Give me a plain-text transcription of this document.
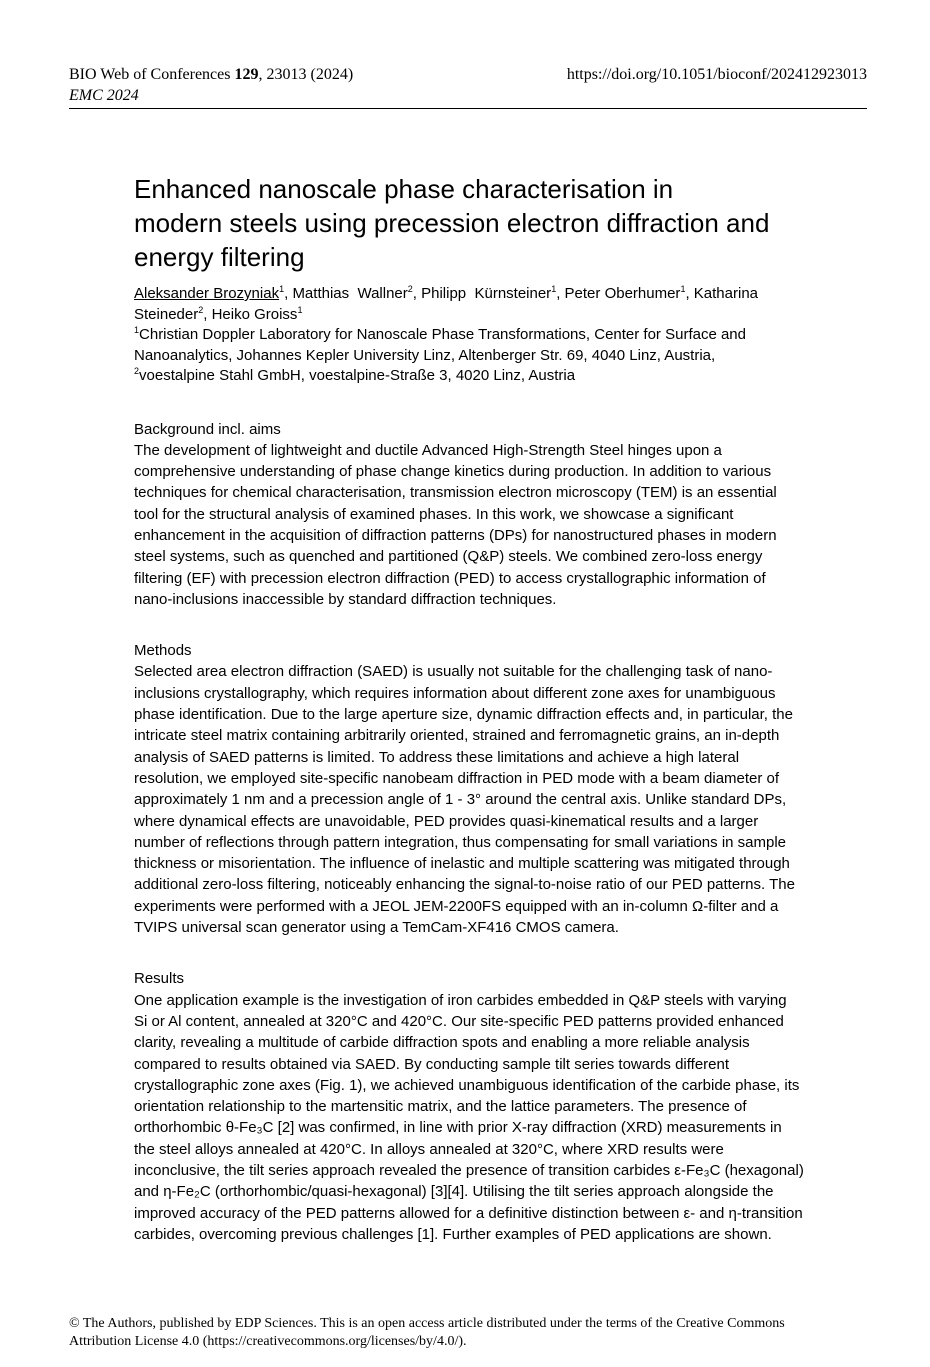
BIO Web of Conferences 129, 23013 (2024)	https://doi.org/10.1051/bioconf/202412923013
EMC 2024
Enhanced nanoscale phase characterisation in
modern steels using precession electron diffraction and
energy filtering
Aleksander Brozyniak$^1$, Matthias  Wallner$^2$, Philipp  Kürnsteiner$^1$, Peter Oberhumer$^1$, Katharina Steineder$^2$, Heiko Groiss$^1$
$^1$Christian Doppler Laboratory for Nanoscale Phase Transformations, Center for Surface and Nanoanalytics, Johannes Kepler University Linz, Altenberger Str. 69, 4040 Linz, Austria,
$^2$voestalpine Stahl GmbH, voestalpine-Straße 3, 4020 Linz, Austria
Background incl. aims
The development of lightweight and ductile Advanced High-Strength Steel hinges upon a comprehensive understanding of phase change kinetics during production. In addition to various techniques for chemical characterisation, transmission electron microscopy (TEM) is an essential tool for the structural analysis of examined phases. In this work, we showcase a significant enhancement in the acquisition of diffraction patterns (DPs) for nanostructured phases in modern steel systems, such as quenched and partitioned (Q&P) steels. We combined zero-loss energy filtering (EF) with precession electron diffraction (PED) to access crystallographic information of nano-inclusions inaccessible by standard diffraction techniques.
Methods
Selected area electron diffraction (SAED) is usually not suitable for the challenging task of nano-inclusions crystallography, which requires information about different zone axes for unambiguous phase identification. Due to the large aperture size, dynamic diffraction effects and, in particular, the intricate steel matrix containing arbitrarily oriented, strained and ferromagnetic grains, an in-depth analysis of SAED patterns is limited. To address these limitations and achieve a high lateral resolution, we employed site-specific nanobeam diffraction in PED mode with a beam diameter of approximately 1 nm and a precession angle of 1 - 3° around the central axis. Unlike standard DPs, where dynamical effects are unavoidable, PED provides quasi-kinematical results and a larger number of reflections through pattern integration, thus compensating for small variations in sample thickness or misorientation. The influence of inelastic and multiple scattering was mitigated through additional zero-loss filtering, noticeably enhancing the signal-to-noise ratio of our PED patterns. The experiments were performed with a JEOL JEM-2200FS equipped with an in-column Ω-filter and a TVIPS universal scan generator using a TemCam-XF416 CMOS camera.
Results
One application example is the investigation of iron carbides embedded in Q&P steels with varying Si or Al content, annealed at 320°C and 420°C. Our site-specific PED patterns provided enhanced clarity, revealing a multitude of carbide diffraction spots and enabling a more reliable analysis compared to results obtained via SAED. By conducting sample tilt series towards different crystallographic zone axes (Fig. 1), we achieved unambiguous identification of the carbide phase, its orientation relationship to the martensitic matrix, and the lattice parameters. The presence of orthorhombic θ-Fe₃C [2] was confirmed, in line with prior X-ray diffraction (XRD) measurements in the steel alloys annealed at 420°C. In alloys annealed at 320°C, where XRD results were inconclusive, the tilt series approach revealed the presence of transition carbides ε-Fe₃C (hexagonal) and η-Fe₂C (orthorhombic/quasi-hexagonal) [3][4]. Utilising the tilt series approach alongside the improved accuracy of the PED patterns allowed for a definitive distinction between ε- and η-transition carbides, overcoming previous challenges [1]. Further examples of PED applications are shown.
© The Authors, published by EDP Sciences. This is an open access article distributed under the terms of the Creative Commons
Attribution License 4.0 (https://creativecommons.org/licenses/by/4.0/).
